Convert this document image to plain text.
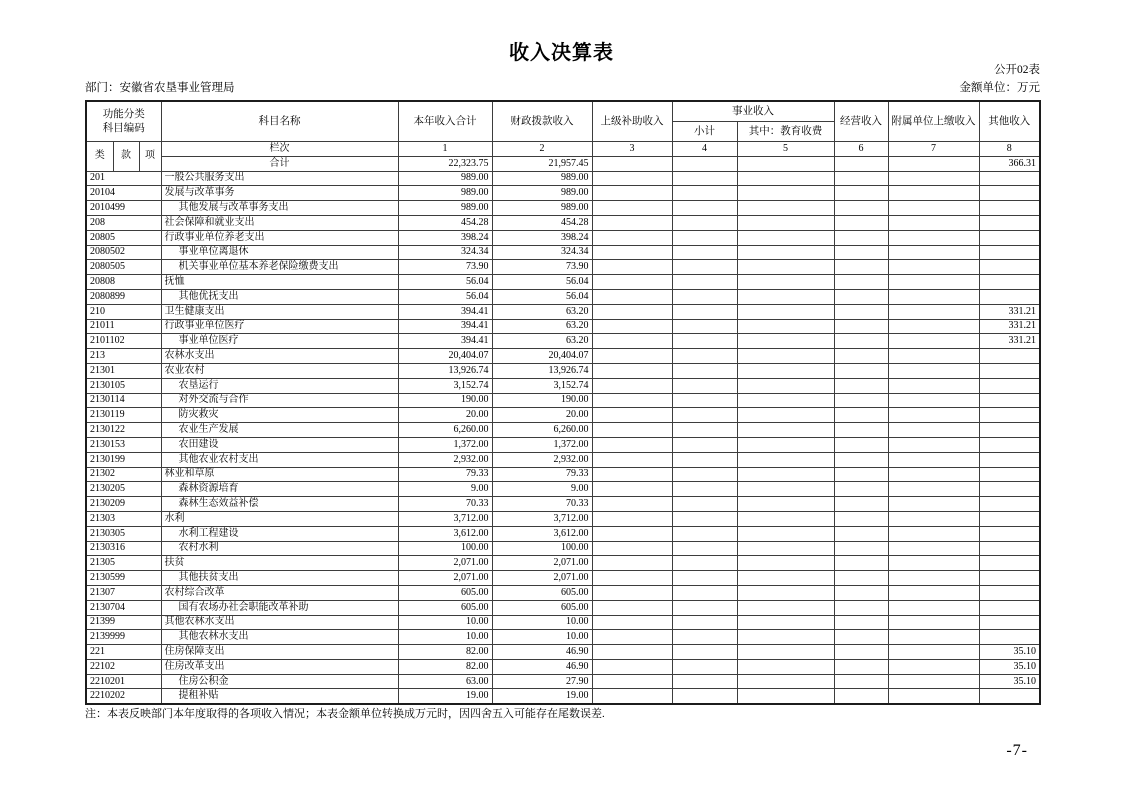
收入决算表
公开02表
部门：安徽省农垦事业管理局	金额单位：万元
功能分类
科目编码			科目名称	本年收入合计	财政拨款收入	上级补助收入	事业收入		经营收入	附属单位上缴收入	其他收入
							小计	其中：教育收费			
类	款	项	栏次	1	2	3	4	5	6	7	8
			合计	22,323.75	21,957.45						366.31
201			一般公共服务支出	989.00	989.00						
20104			发展与改革事务	989.00	989.00						
2010499			其他发展与改革事务支出	989.00	989.00						
208			社会保障和就业支出	454.28	454.28						
20805			行政事业单位养老支出	398.24	398.24						
2080502			事业单位离退休	324.34	324.34						
2080505			机关事业单位基本养老保险缴费支出	73.90	73.90						
20808			抚恤	56.04	56.04						
2080899			其他优抚支出	56.04	56.04						
210			卫生健康支出	394.41	63.20						331.21
21011			行政事业单位医疗	394.41	63.20						331.21
2101102			事业单位医疗	394.41	63.20						331.21
213			农林水支出	20,404.07	20,404.07						
21301			农业农村	13,926.74	13,926.74						
2130105			农垦运行	3,152.74	3,152.74						
2130114			对外交流与合作	190.00	190.00						
2130119			防灾救灾	20.00	20.00						
2130122			农业生产发展	6,260.00	6,260.00						
2130153			农田建设	1,372.00	1,372.00						
2130199			其他农业农村支出	2,932.00	2,932.00						
21302			林业和草原	79.33	79.33						
2130205			森林资源培育	9.00	9.00						
2130209			森林生态效益补偿	70.33	70.33						
21303			水利	3,712.00	3,712.00						
2130305			水利工程建设	3,612.00	3,612.00						
2130316			农村水利	100.00	100.00						
21305			扶贫	2,071.00	2,071.00						
2130599			其他扶贫支出	2,071.00	2,071.00						
21307			农村综合改革	605.00	605.00						
2130704			国有农场办社会职能改革补助	605.00	605.00						
21399			其他农林水支出	10.00	10.00						
2139999			其他农林水支出	10.00	10.00						
221			住房保障支出	82.00	46.90						35.10
22102			住房改革支出	82.00	46.90						35.10
2210201			住房公积金	63.00	27.90						35.10
2210202			提租补贴	19.00	19.00						
注：本表反映部门本年度取得的各项收入情况；本表金额单位转换成万元时，因四舍五入可能存在尾数误差.
-7-
